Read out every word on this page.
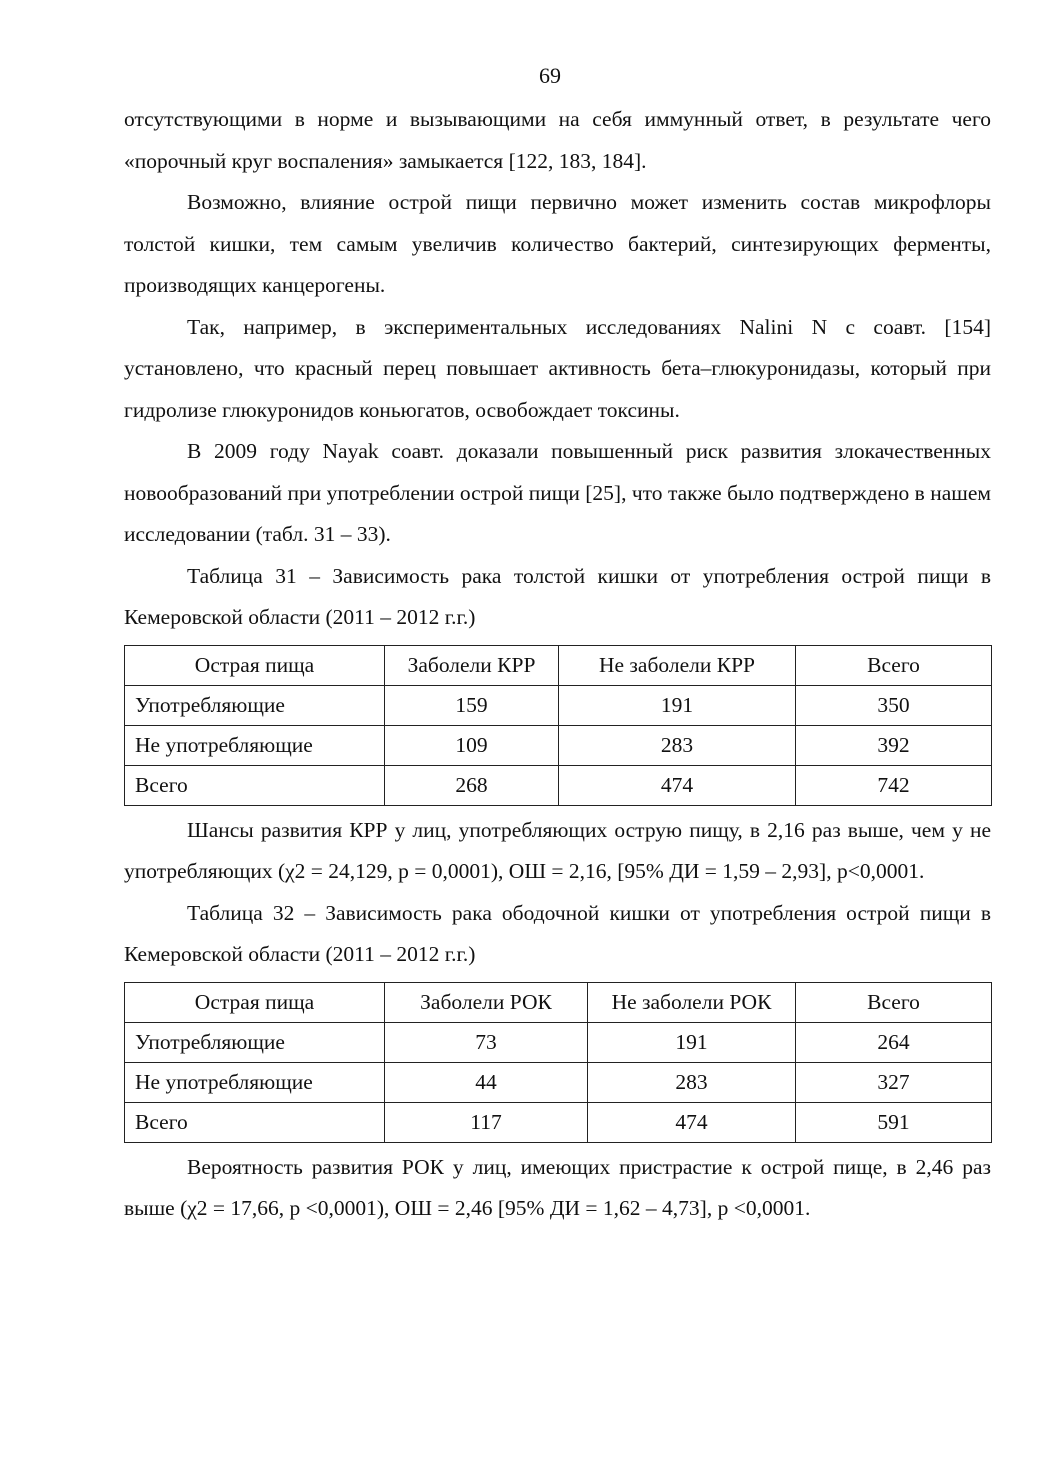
69

отсутствующими в норме и вызывающими на себя иммунный ответ, в результате чего «порочный круг воспаления» замыкается [122, 183, 184].

Возможно, влияние острой пищи первично может изменить состав микрофлоры толстой кишки, тем самым увеличив количество бактерий, синтезирующих ферменты, производящих канцерогены.

Так, например, в экспериментальных исследованиях Nalini N с соавт. [154] установлено, что красный перец повышает активность бета–глюкуронидазы, который при гидролизе глюкуронидов коньюгатов, освобождает токсины.

В 2009 году Nayak соавт. доказали повышенный риск развития злокачественных новообразований при употреблении острой пищи [25], что также было подтверждено в нашем исследовании (табл. 31 – 33).

Таблица 31 – Зависимость рака толстой кишки от употребления острой пищи в Кемеровской области (2011 – 2012 г.г.)

Острая пища	Заболели КРР	Не заболели КРР	Всего
Употребляющие	159	191	350
Не употребляющие	109	283	392
Всего	268	474	742

Шансы развития КРР у лиц, употребляющих острую пищу, в 2,16 раз выше, чем у не употребляющих (χ2 = 24,129, р = 0,0001), ОШ = 2,16, [95% ДИ = 1,59 – 2,93], р<0,0001.

Таблица 32 – Зависимость рака ободочной кишки от употребления острой пищи в Кемеровской области (2011 – 2012 г.г.)

Острая пища	Заболели РОК	Не заболели РОК	Всего
Употребляющие	73	191	264
Не употребляющие	44	283	327
Всего	117	474	591

Вероятность развития РОК у лиц, имеющих пристрастие к острой пище, в 2,46 раз выше (χ2 = 17,66, р <0,0001), ОШ = 2,46 [95% ДИ = 1,62 – 4,73], р <0,0001.
